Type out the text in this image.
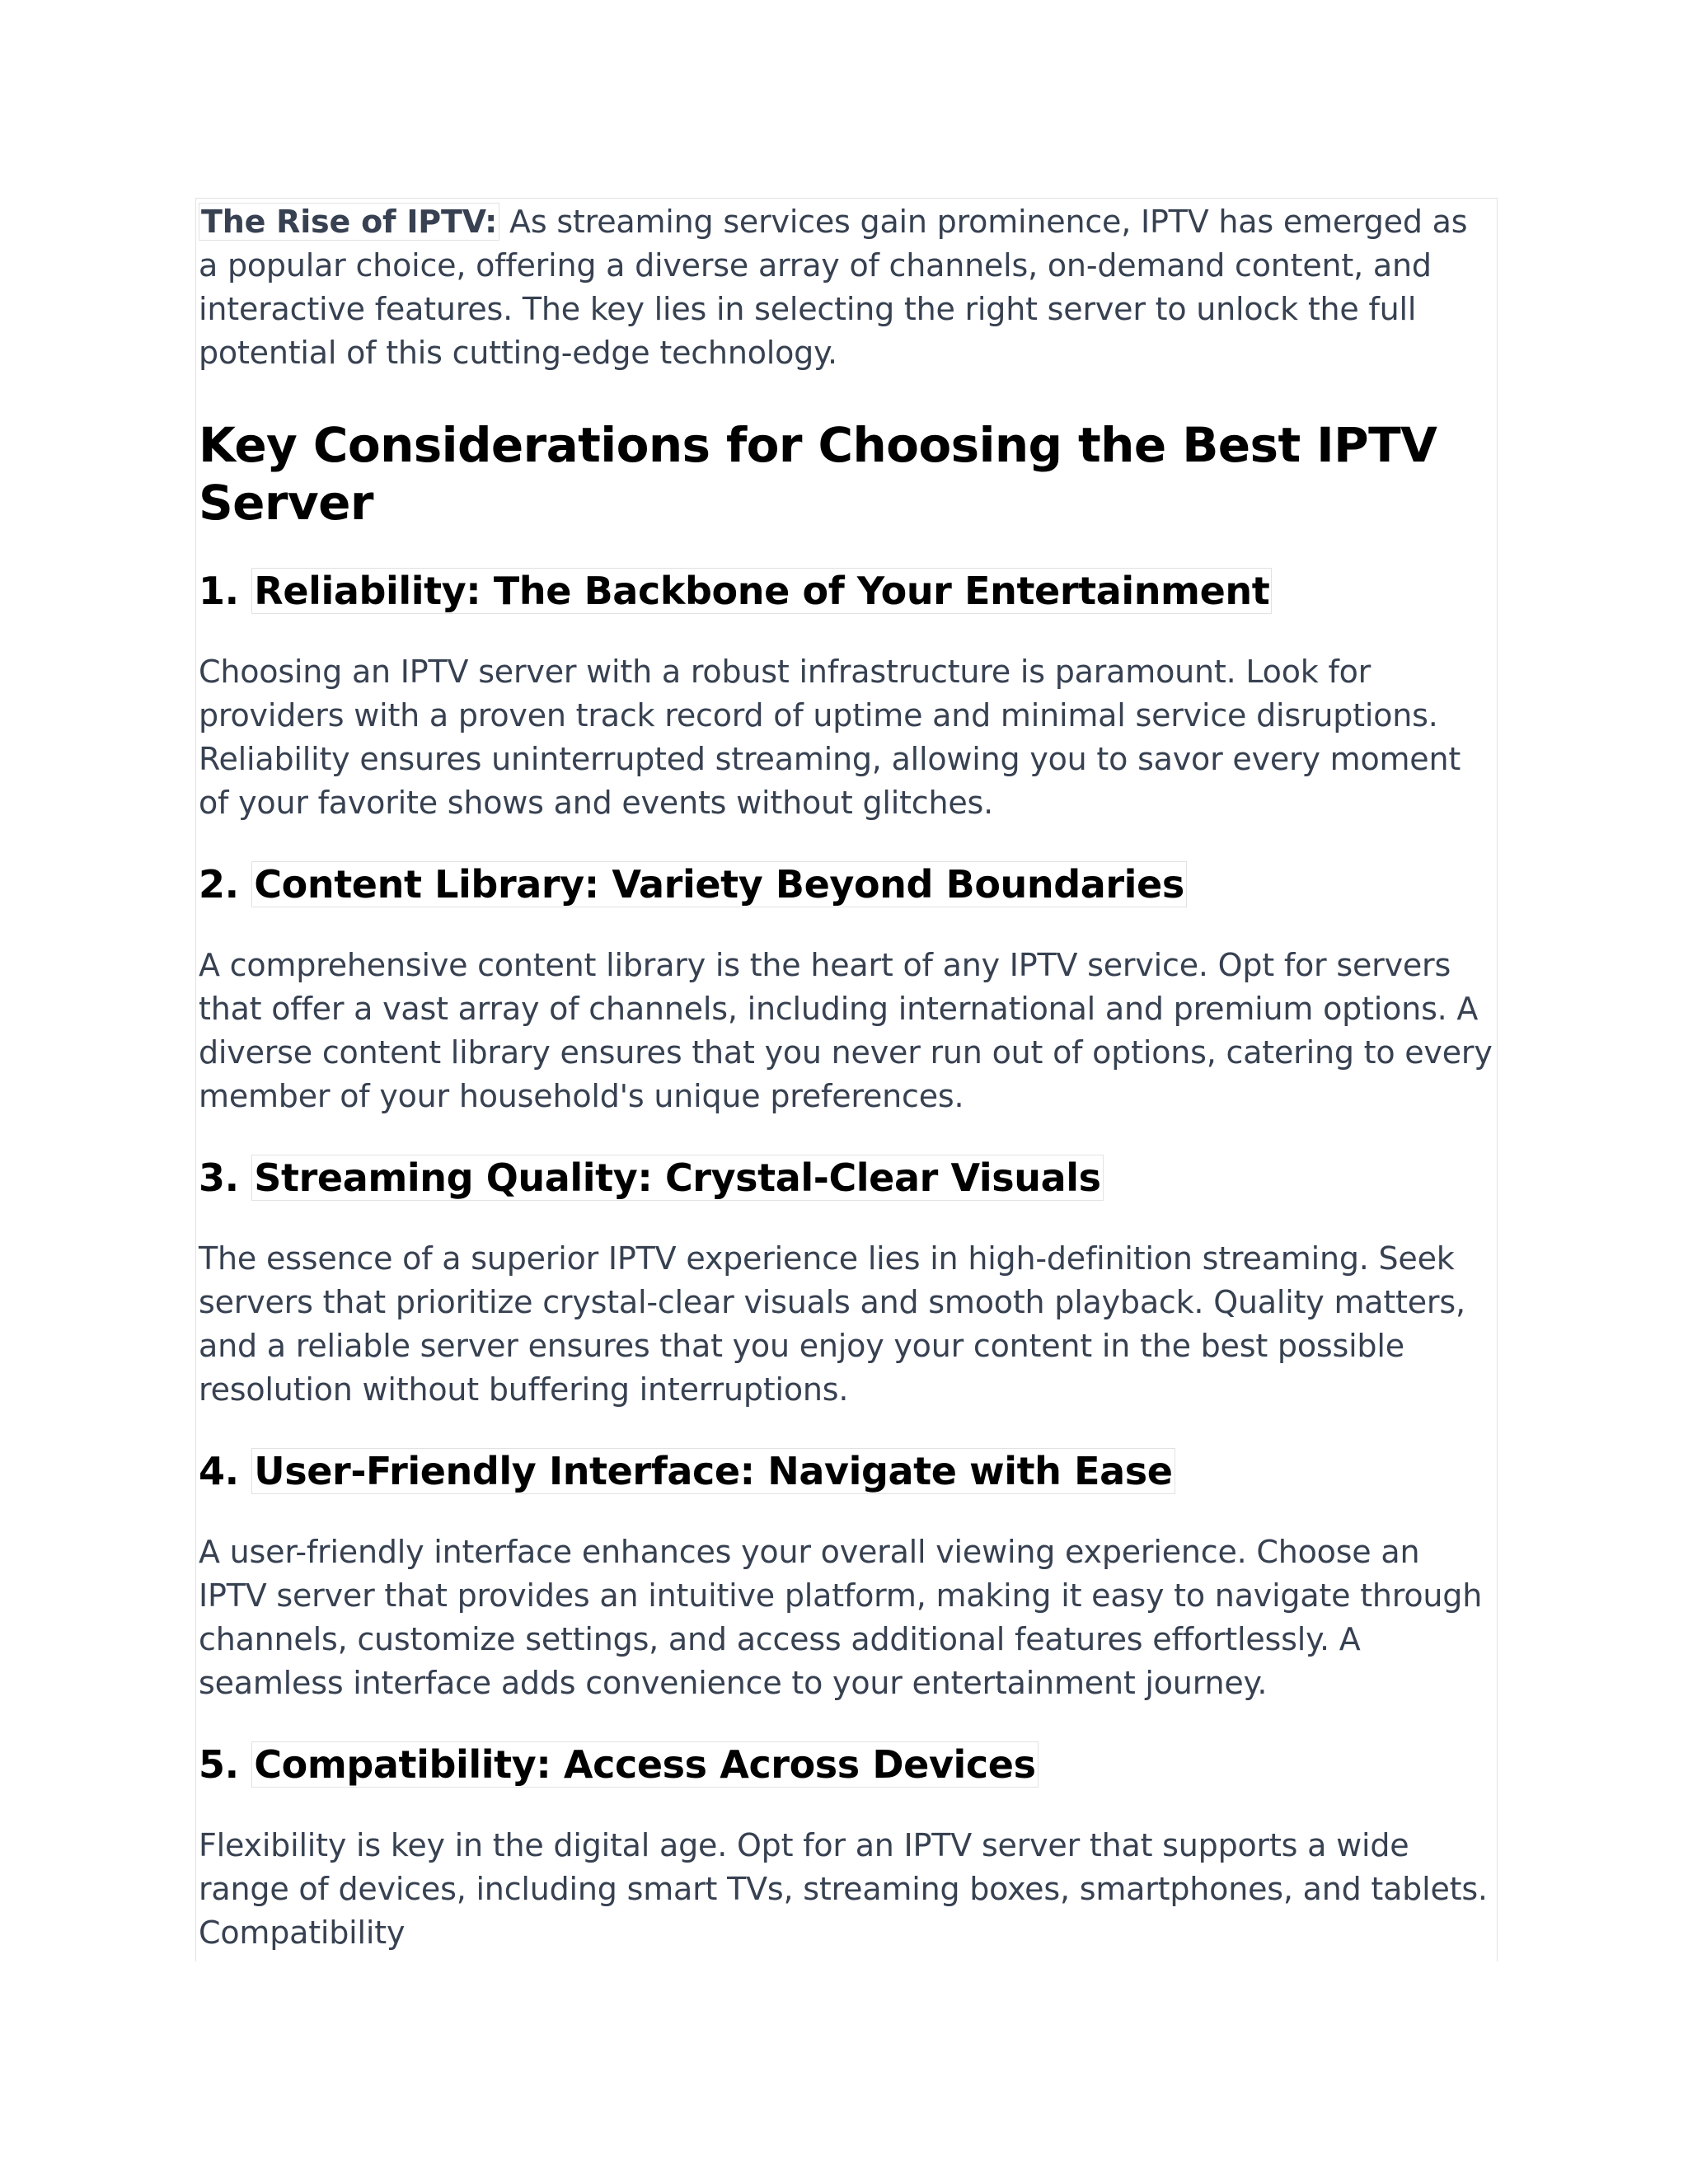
The Rise of IPTV: As streaming services gain prominence, IPTV has emerged as a popular choice, offering a diverse array of channels, on-demand content, and interactive features. The key lies in selecting the right server to unlock the full potential of this cutting-edge technology.

Key Considerations for Choosing the Best IPTV Server
1. Reliability: The Backbone of Your Entertainment

Choosing an IPTV server with a robust infrastructure is paramount. Look for providers with a proven track record of uptime and minimal service disruptions. Reliability ensures uninterrupted streaming, allowing you to savor every moment of your favorite shows and events without glitches.

2. Content Library: Variety Beyond Boundaries

A comprehensive content library is the heart of any IPTV service. Opt for servers that offer a vast array of channels, including international and premium options. A diverse content library ensures that you never run out of options, catering to every member of your household's unique preferences.

3. Streaming Quality: Crystal-Clear Visuals

The essence of a superior IPTV experience lies in high-definition streaming. Seek servers that prioritize crystal-clear visuals and smooth playback. Quality matters, and a reliable server ensures that you enjoy your content in the best possible resolution without buffering interruptions.

4. User-Friendly Interface: Navigate with Ease

A user-friendly interface enhances your overall viewing experience. Choose an IPTV server that provides an intuitive platform, making it easy to navigate through channels, customize settings, and access additional features effortlessly. A seamless interface adds convenience to your entertainment journey.

5. Compatibility: Access Across Devices

Flexibility is key in the digital age. Opt for an IPTV server that supports a wide range of devices, including smart TVs, streaming boxes, smartphones, and tablets. Compatibility
